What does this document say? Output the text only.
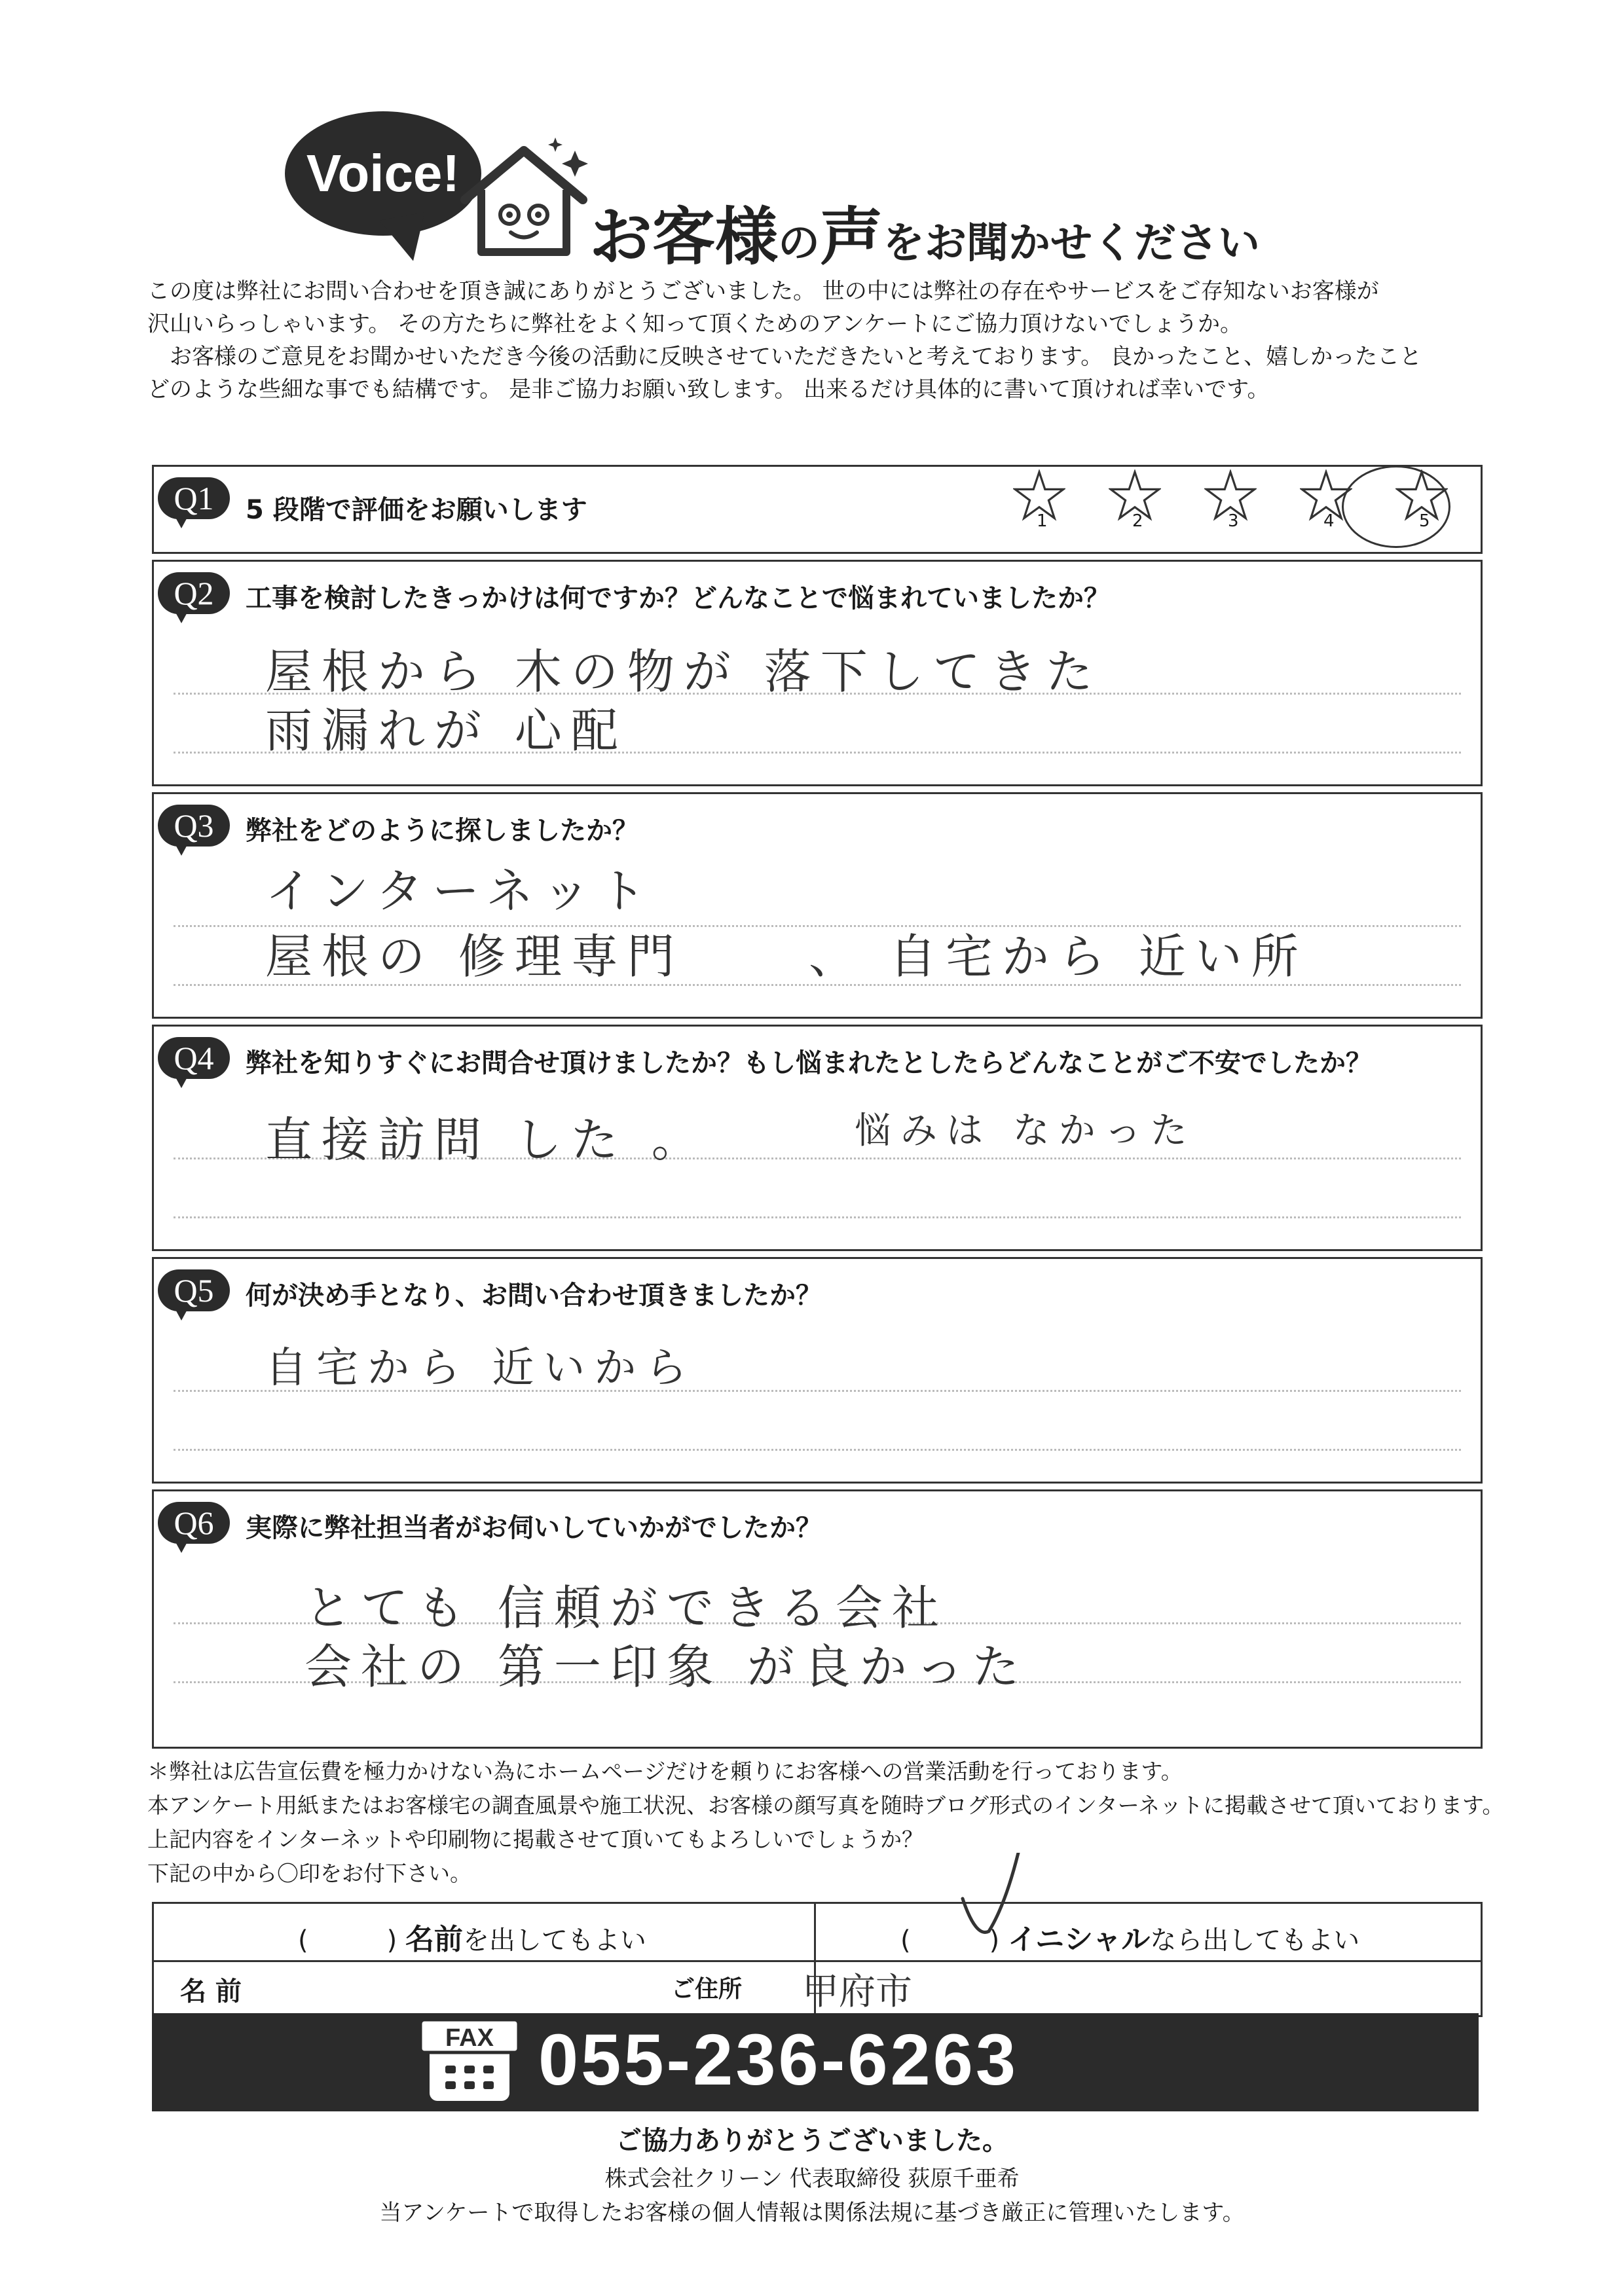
Voice!
お客様 の 声 をお聞かせください

この度は弊社にお問い合わせを頂き誠にありがとうございました。 世の中には弊社の存在やサービスをご存知ないお客様が

沢山いらっしゃいます。 その方たちに弊社をよく知って頂くためのアンケートにご協力頂けないでしょうか。

お客様のご意見をお聞かせいただき今後の活動に反映させていただきたいと考えております。 良かったこと、嬉しかったこと

どのような些細な事でも結構です。 是非ご協力お願い致します。 出来るだけ具体的に書いて頂ければ幸いです。

Q1	5 段階で評価をお願いします	1	2	3	4	5
Q2	工事を検討したきっかけは何ですか？どんなことで悩まれていましたか？
屋根から 木の物が 落下してきた
雨漏れが 心配
Q3	弊社をどのように探しましたか？
インターネット
屋根の 修理専門	、 自宅から 近い所
Q4	弊社を知りすぐにお問合せ頂けましたか？もし悩まれたとしたらどんなことがご不安でしたか？
直接訪問 した 。	悩みは なかった
Q5	何が決め手となり、お問い合わせ頂きましたか？
自宅から 近いから
Q6	実際に弊社担当者がお伺いしていかがでしたか？
とても 信頼ができる会社
会社の 第一印象 が良かった

＊弊社は広告宣伝費を極力かけない為にホームページだけを頼りにお客様への営業活動を行っております。

本アンケート用紙またはお客様宅の調査風景や施工状況、お客様の顔写真を随時ブログ形式のインターネットに掲載させて頂いております。

上記内容をインターネットや印刷物に掲載させて頂いてもよろしいでしょうか？

下記の中から〇印をお付下さい。

(　　　) 名前を出してもよい	(　　　) イニシャルなら出してもよい
名 前	ご住所 甲府市
FAX 055-236-6263
ご協力ありがとうございました。
株式会社クリーン 代表取締役 荻原千亜希
当アンケートで取得したお客様の個人情報は関係法規に基づき厳正に管理いたします。
